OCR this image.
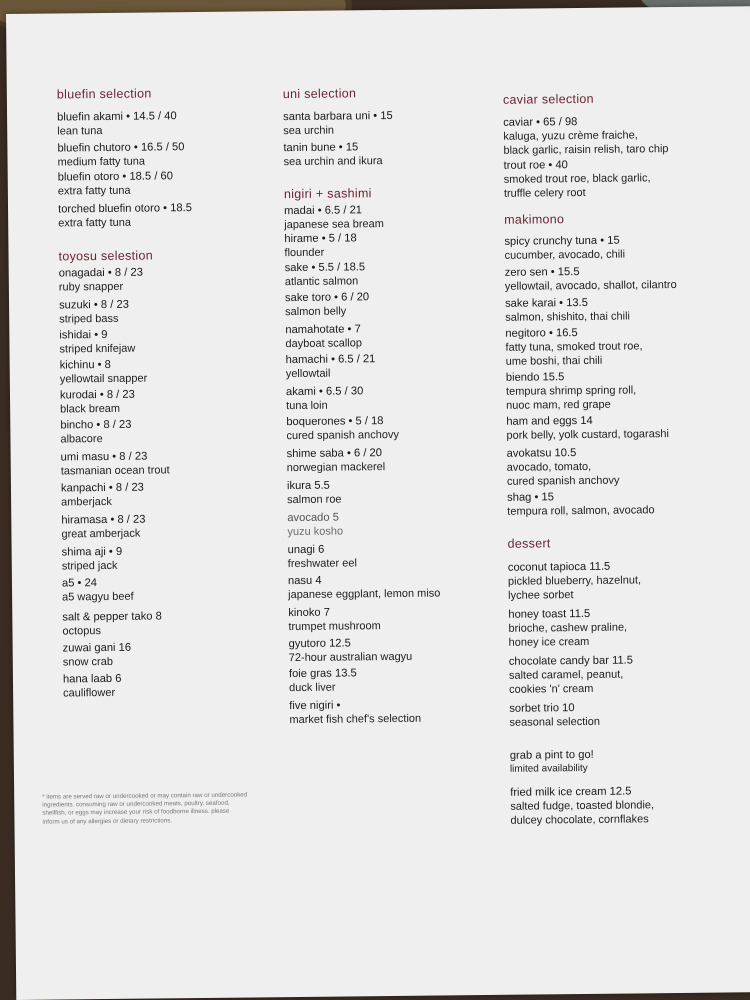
bluefin selection
bluefin akami • 14.5 / 40
lean tuna
bluefin chutoro • 16.5 / 50
medium fatty tuna
bluefin otoro • 18.5 / 60
extra fatty tuna
torched bluefin otoro • 18.5
extra fatty tuna
toyosu selestion
onagadai • 8 / 23
ruby snapper
suzuki • 8 / 23
striped bass
ishidai • 9
striped knifejaw
kichinu • 8
yellowtail snapper
kurodai • 8 / 23
black bream
bincho • 8 / 23
albacore
umi masu • 8 / 23
tasmanian ocean trout
kanpachi • 8 / 23
amberjack
hiramasa • 8 / 23
great amberjack
shima aji • 9
striped jack
a5 • 24
a5 wagyu beef
salt & pepper tako 8
octopus
zuwai gani 16
snow crab
hana laab 6
cauliflower
uni selection
santa barbara uni • 15
sea urchin
tanin bune • 15
sea urchin and ikura
nigiri + sashimi
madai • 6.5 / 21
japanese sea bream
hirame • 5 / 18
flounder
sake • 5.5 / 18.5
atlantic salmon
sake toro • 6 / 20
salmon belly
namahotate • 7
dayboat scallop
hamachi • 6.5 / 21
yellowtail
akami • 6.5 / 30
tuna loin
boquerones • 5 / 18
cured spanish anchovy
shime saba • 6 / 20
norwegian mackerel
ikura 5.5
salmon roe
avocado 5
yuzu kosho
unagi 6
freshwater eel
nasu 4
japanese eggplant, lemon miso
kinoko 7
trumpet mushroom
gyutoro 12.5
72-hour australian wagyu
foie gras 13.5
duck liver
five nigiri •
market fish chef's selection
caviar selection
caviar • 65 / 98
kaluga, yuzu crème fraiche,
black garlic, raisin relish, taro chip
trout roe • 40
smoked trout roe, black garlic,
truffle celery root
makimono
spicy crunchy tuna • 15
cucumber, avocado, chili
zero sen • 15.5
yellowtail, avocado, shallot, cilantro
sake karai • 13.5
salmon, shishito, thai chili
negitoro • 16.5
fatty tuna, smoked trout roe,
ume boshi, thai chili
biendo 15.5
tempura shrimp spring roll,
nuoc mam, red grape
ham and eggs 14
pork belly, yolk custard, togarashi
avokatsu 10.5
avocado, tomato,
cured spanish anchovy
shag • 15
tempura roll, salmon, avocado
dessert
coconut tapioca 11.5
pickled blueberry, hazelnut,
lychee sorbet
honey toast 11.5
brioche, cashew praline,
honey ice cream
chocolate candy bar 11.5
salted caramel, peanut,
cookies 'n' cream
sorbet trio 10
seasonal selection
grab a pint to go!
limited availability
fried milk ice cream 12.5
salted fudge, toasted blondie,
dulcey chocolate, cornflakes
* items are served raw or undercooked or may contain raw or undercooked ingredients. consuming raw or undercooked meats, poultry, seafood, shellfish, or eggs may increase your risk of foodborne illness. please inform us of any allergies or dietary restrictions.
